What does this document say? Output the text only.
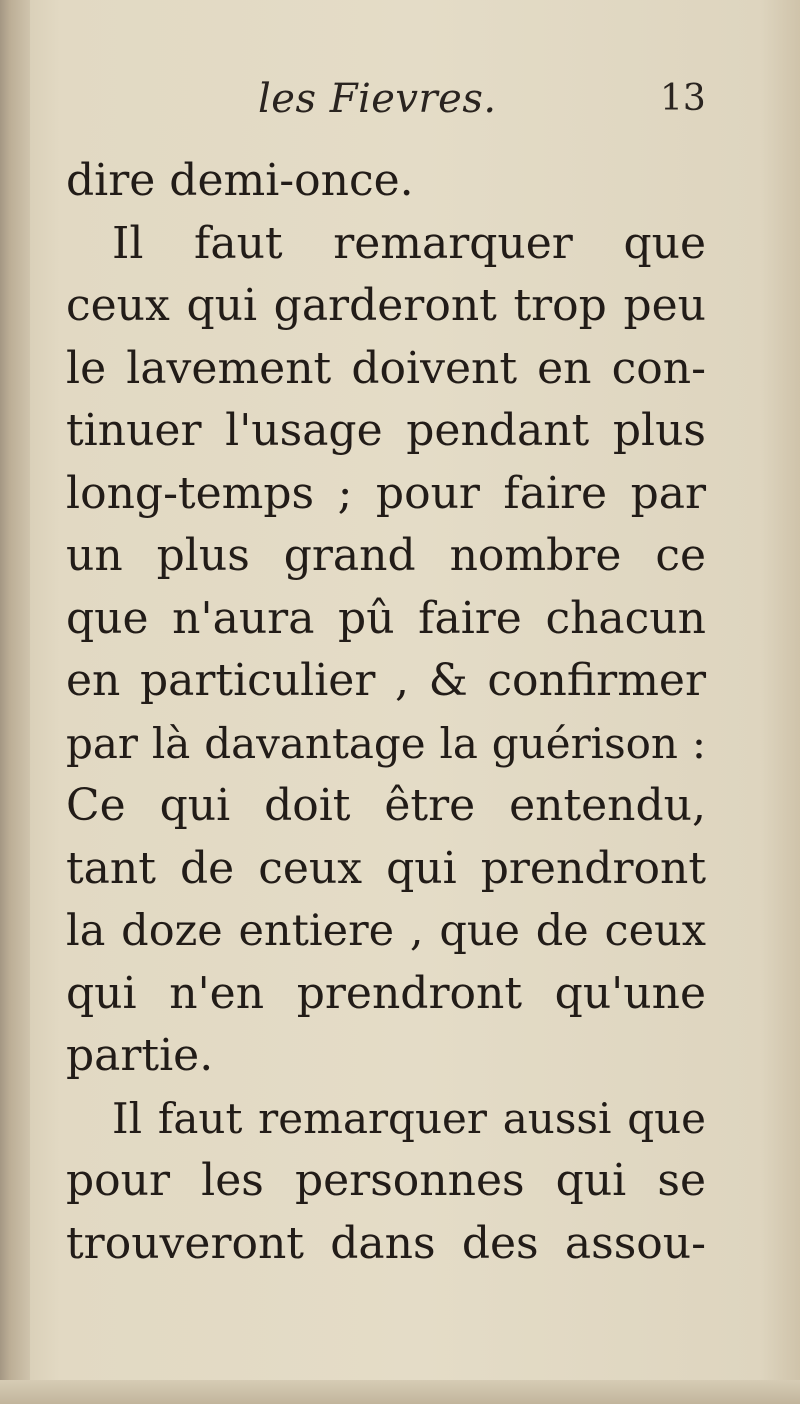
les Fievres.	13
dire demi-once.
Il faut remarquer que
ceux qui garderont trop peu
le lavement doivent en con-
tinuer l'usage pendant plus
long-temps ; pour faire par
un plus grand nombre ce
que n'aura pû faire chacun
en particulier , & confirmer
par là davantage la guérison :
Ce qui doit être entendu,
tant de ceux qui prendront
la doze entiere , que de ceux
qui n'en prendront qu'une
partie.
Il faut remarquer aussi que
pour les personnes qui se
trouveront dans des assou-
